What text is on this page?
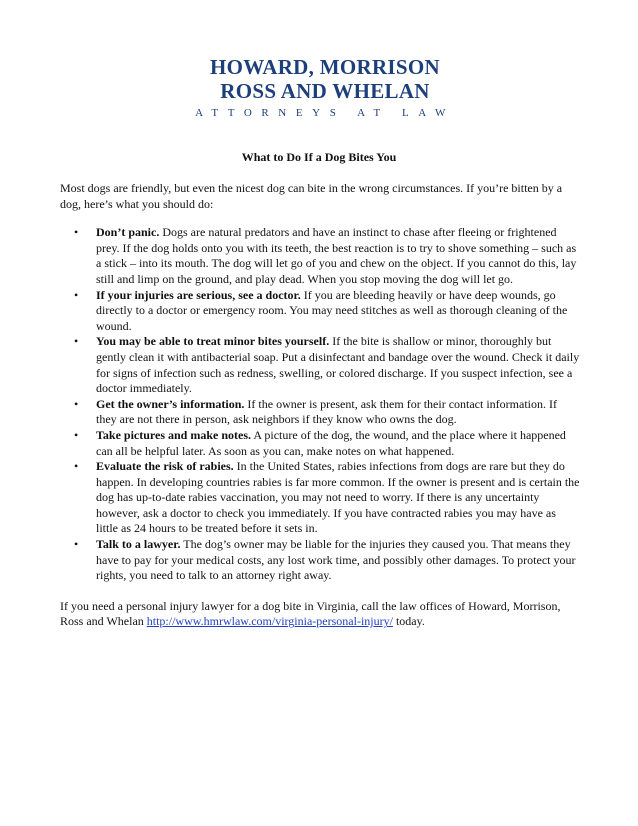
HOWARD, MORRISON
ROSS AND WHELAN
ATTORNEYS AT LAW
What to Do If a Dog Bites You

Most dogs are friendly, but even the nicest dog can bite in the wrong circumstances. If you’re bitten by a dog, here’s what you should do:

• Don’t panic. Dogs are natural predators and have an instinct to chase after fleeing or frightened prey. If the dog holds onto you with its teeth, the best reaction is to try to shove something – such as a stick – into its mouth. The dog will let go of you and chew on the object. If you cannot do this, lay still and limp on the ground, and play dead. When you stop moving the dog will let go.
• If your injuries are serious, see a doctor. If you are bleeding heavily or have deep wounds, go directly to a doctor or emergency room. You may need stitches as well as thorough cleaning of the wound.
• You may be able to treat minor bites yourself. If the bite is shallow or minor, thoroughly but gently clean it with antibacterial soap. Put a disinfectant and bandage over the wound. Check it daily for signs of infection such as redness, swelling, or colored discharge. If you suspect infection, see a doctor immediately.
• Get the owner’s information. If the owner is present, ask them for their contact information. If they are not there in person, ask neighbors if they know who owns the dog.
• Take pictures and make notes. A picture of the dog, the wound, and the place where it happened can all be helpful later. As soon as you can, make notes on what happened.
• Evaluate the risk of rabies. In the United States, rabies infections from dogs are rare but they do happen. In developing countries rabies is far more common. If the owner is present and is certain the dog has up-to-date rabies vaccination, you may not need to worry. If there is any uncertainty however, ask a doctor to check you immediately. If you have contracted rabies you may have as little as 24 hours to be treated before it sets in.
• Talk to a lawyer. The dog’s owner may be liable for the injuries they caused you. That means they have to pay for your medical costs, any lost work time, and possibly other damages. To protect your rights, you need to talk to an attorney right away.

If you need a personal injury lawyer for a dog bite in Virginia, call the law offices of Howard, Morrison, Ross and Whelan http://www.hmrwlaw.com/virginia-personal-injury/ today.
